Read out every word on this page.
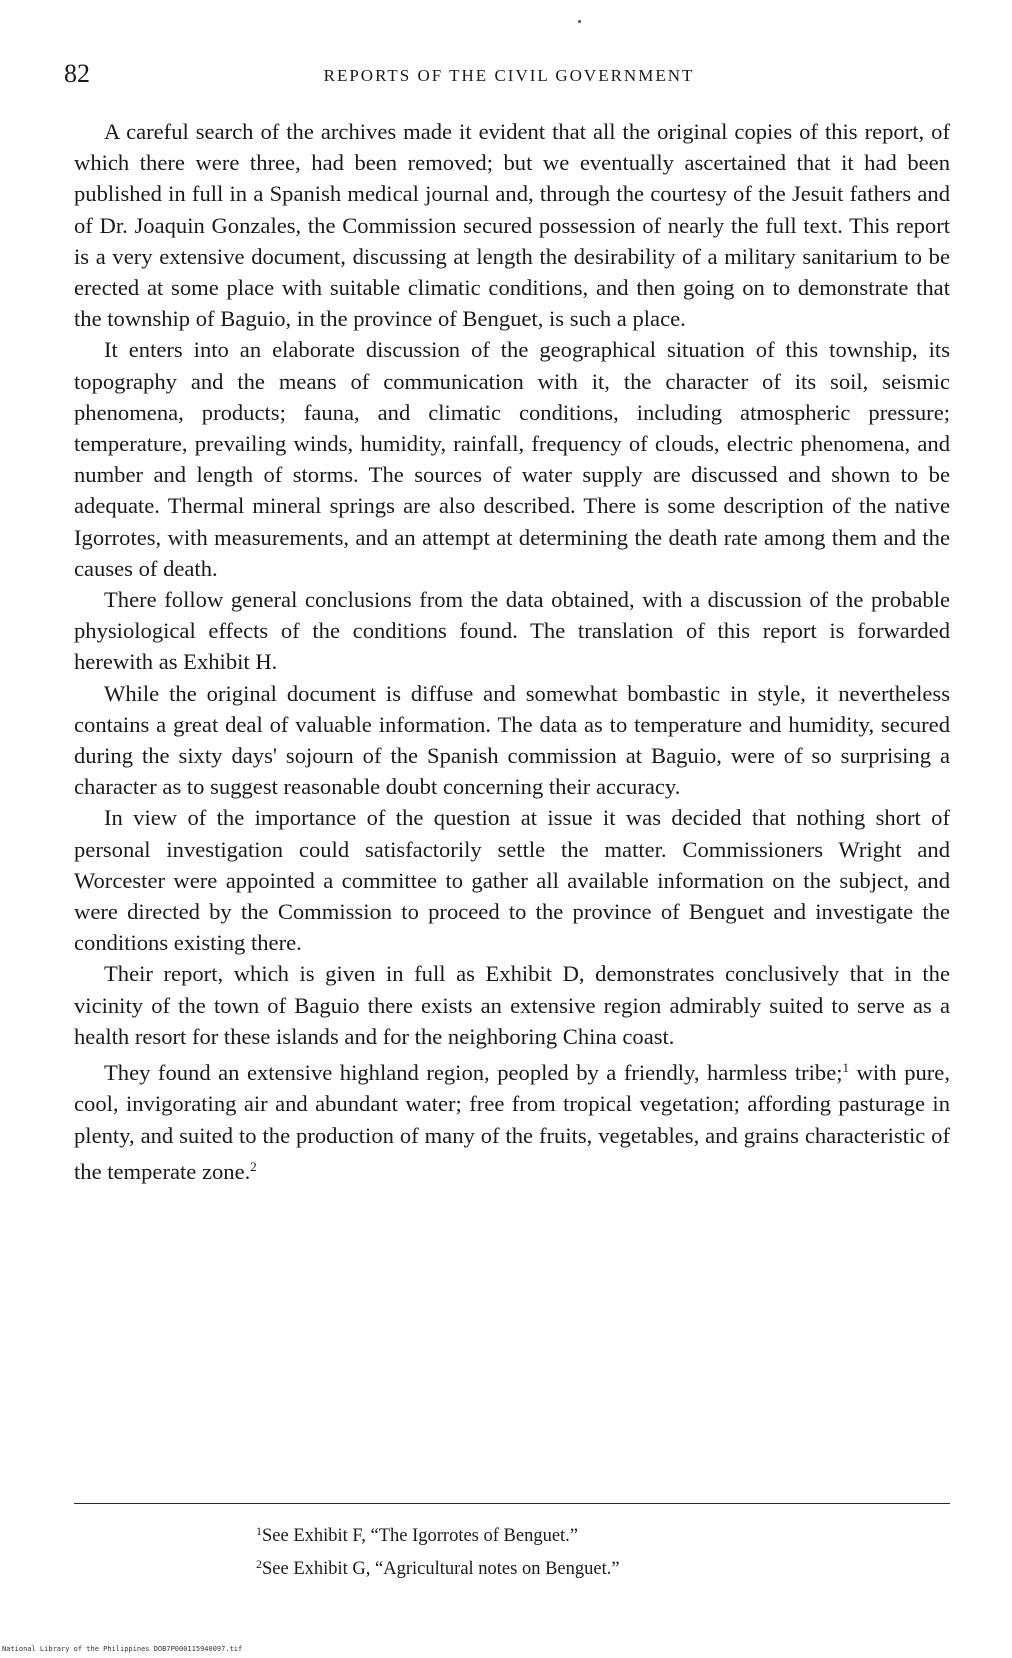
82	REPORTS OF THE CIVIL GOVERNMENT

A careful search of the archives made it evident that all the original copies of this report, of which there were three, had been removed; but we eventually ascertained that it had been published in full in a Spanish medical journal and, through the courtesy of the Jesuit fathers and of Dr. Joaquin Gonzales, the Commission secured possession of nearly the full text. This report is a very extensive document, discussing at length the desirability of a military sanitarium to be erected at some place with suitable climatic conditions, and then going on to demonstrate that the township of Baguio, in the province of Benguet, is such a place.

It enters into an elaborate discussion of the geographical situation of this township, its topography and the means of communication with it, the character of its soil, seismic phenomena, products; fauna, and climatic conditions, including atmospheric pressure; temperature, prevailing winds, humidity, rainfall, frequency of clouds, electric phenomena, and number and length of storms. The sources of water supply are discussed and shown to be adequate. Thermal mineral springs are also described. There is some description of the native Igorrotes, with measurements, and an attempt at determining the death rate among them and the causes of death.

There follow general conclusions from the data obtained, with a discussion of the probable physiological effects of the conditions found. The translation of this report is forwarded herewith as Exhibit H.

While the original document is diffuse and somewhat bombastic in style, it nevertheless contains a great deal of valuable information. The data as to temperature and humidity, secured during the sixty days' sojourn of the Spanish commission at Baguio, were of so surprising a character as to suggest reasonable doubt concerning their accuracy.

In view of the importance of the question at issue it was decided that nothing short of personal investigation could satisfactorily settle the matter. Commissioners Wright and Worcester were appointed a committee to gather all available information on the subject, and were directed by the Commission to proceed to the province of Benguet and investigate the conditions existing there.

Their report, which is given in full as Exhibit D, demonstrates conclusively that in the vicinity of the town of Baguio there exists an extensive region admirably suited to serve as a health resort for these islands and for the neighboring China coast.

They found an extensive highland region, peopled by a friendly, harmless tribe;$^1$ with pure, cool, invigorating air and abundant water; free from tropical vegetation; affording pasturage in plenty, and suited to the production of many of the fruits, vegetables, and grains characteristic of the temperate zone.$^2$

$^1$See Exhibit F, “The Igorrotes of Benguet.”
$^2$See Exhibit G, “Agricultural notes on Benguet.”
National Library of the Philippines DOB7P000115940097.tif
